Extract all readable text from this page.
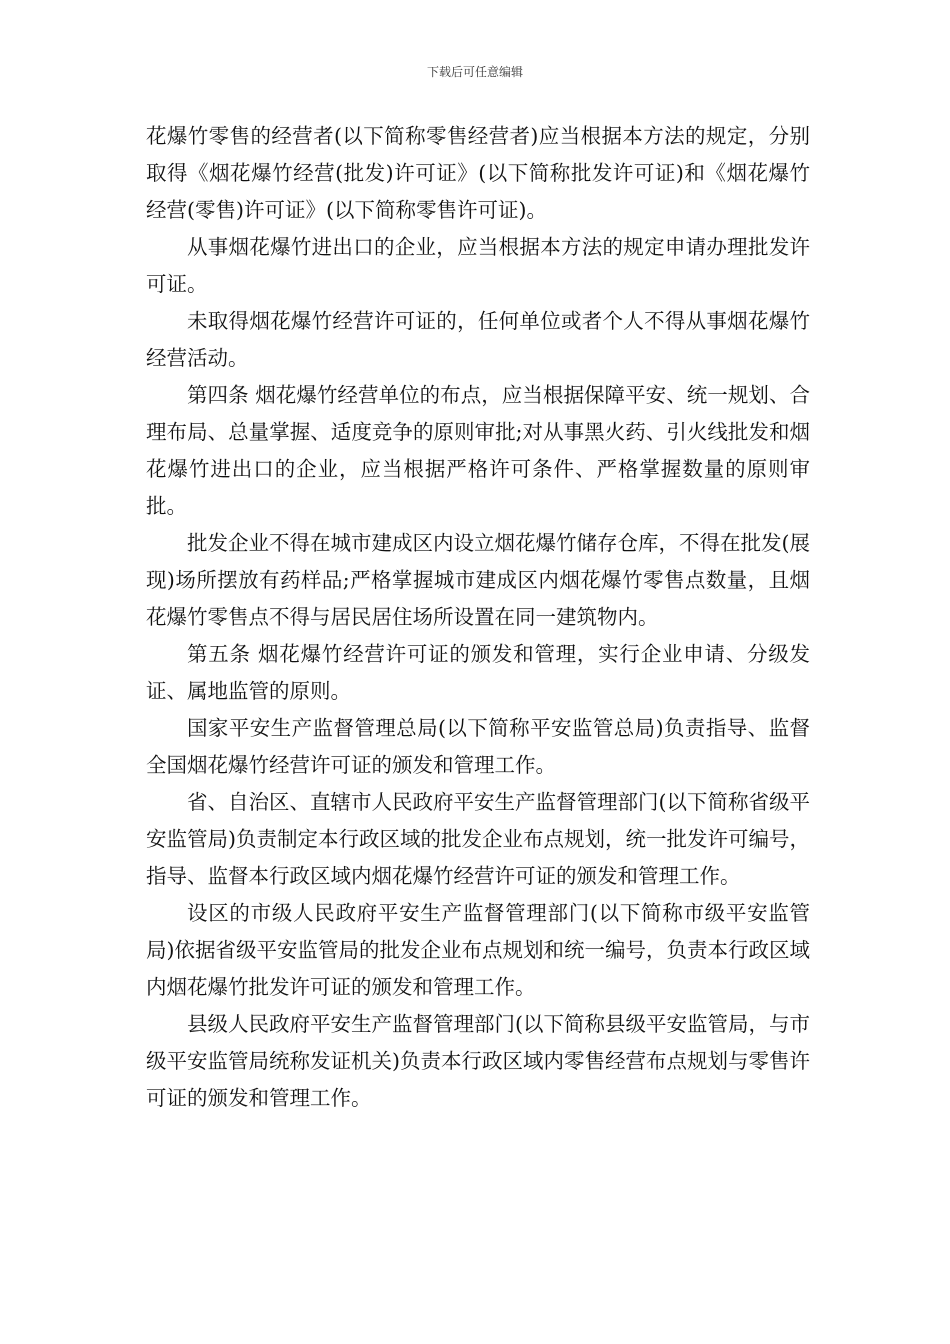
下载后可任意编辑

花爆竹零售的经营者(以下简称零售经营者)应当根据本方法的规定，分别取得《烟花爆竹经营(批发)许可证》(以下简称批发许可证)和《烟花爆竹经营(零售)许可证》(以下简称零售许可证)。

从事烟花爆竹进出口的企业，应当根据本方法的规定申请办理批发许可证。

未取得烟花爆竹经营许可证的，任何单位或者个人不得从事烟花爆竹经营活动。

第四条 烟花爆竹经营单位的布点，应当根据保障平安、统一规划、合理布局、总量掌握、适度竞争的原则审批;对从事黑火药、引火线批发和烟花爆竹进出口的企业，应当根据严格许可条件、严格掌握数量的原则审批。

批发企业不得在城市建成区内设立烟花爆竹储存仓库，不得在批发(展现)场所摆放有药样品;严格掌握城市建成区内烟花爆竹零售点数量，且烟花爆竹零售点不得与居民居住场所设置在同一建筑物内。

第五条 烟花爆竹经营许可证的颁发和管理，实行企业申请、分级发证、属地监管的原则。

国家平安生产监督管理总局(以下简称平安监管总局)负责指导、监督全国烟花爆竹经营许可证的颁发和管理工作。

省、自治区、直辖市人民政府平安生产监督管理部门(以下简称省级平安监管局)负责制定本行政区域的批发企业布点规划，统一批发许可编号，指导、监督本行政区域内烟花爆竹经营许可证的颁发和管理工作。

设区的市级人民政府平安生产监督管理部门(以下简称市级平安监管局)依据省级平安监管局的批发企业布点规划和统一编号，负责本行政区域内烟花爆竹批发许可证的颁发和管理工作。

县级人民政府平安生产监督管理部门(以下简称县级平安监管局，与市级平安监管局统称发证机关)负责本行政区域内零售经营布点规划与零售许可证的颁发和管理工作。
